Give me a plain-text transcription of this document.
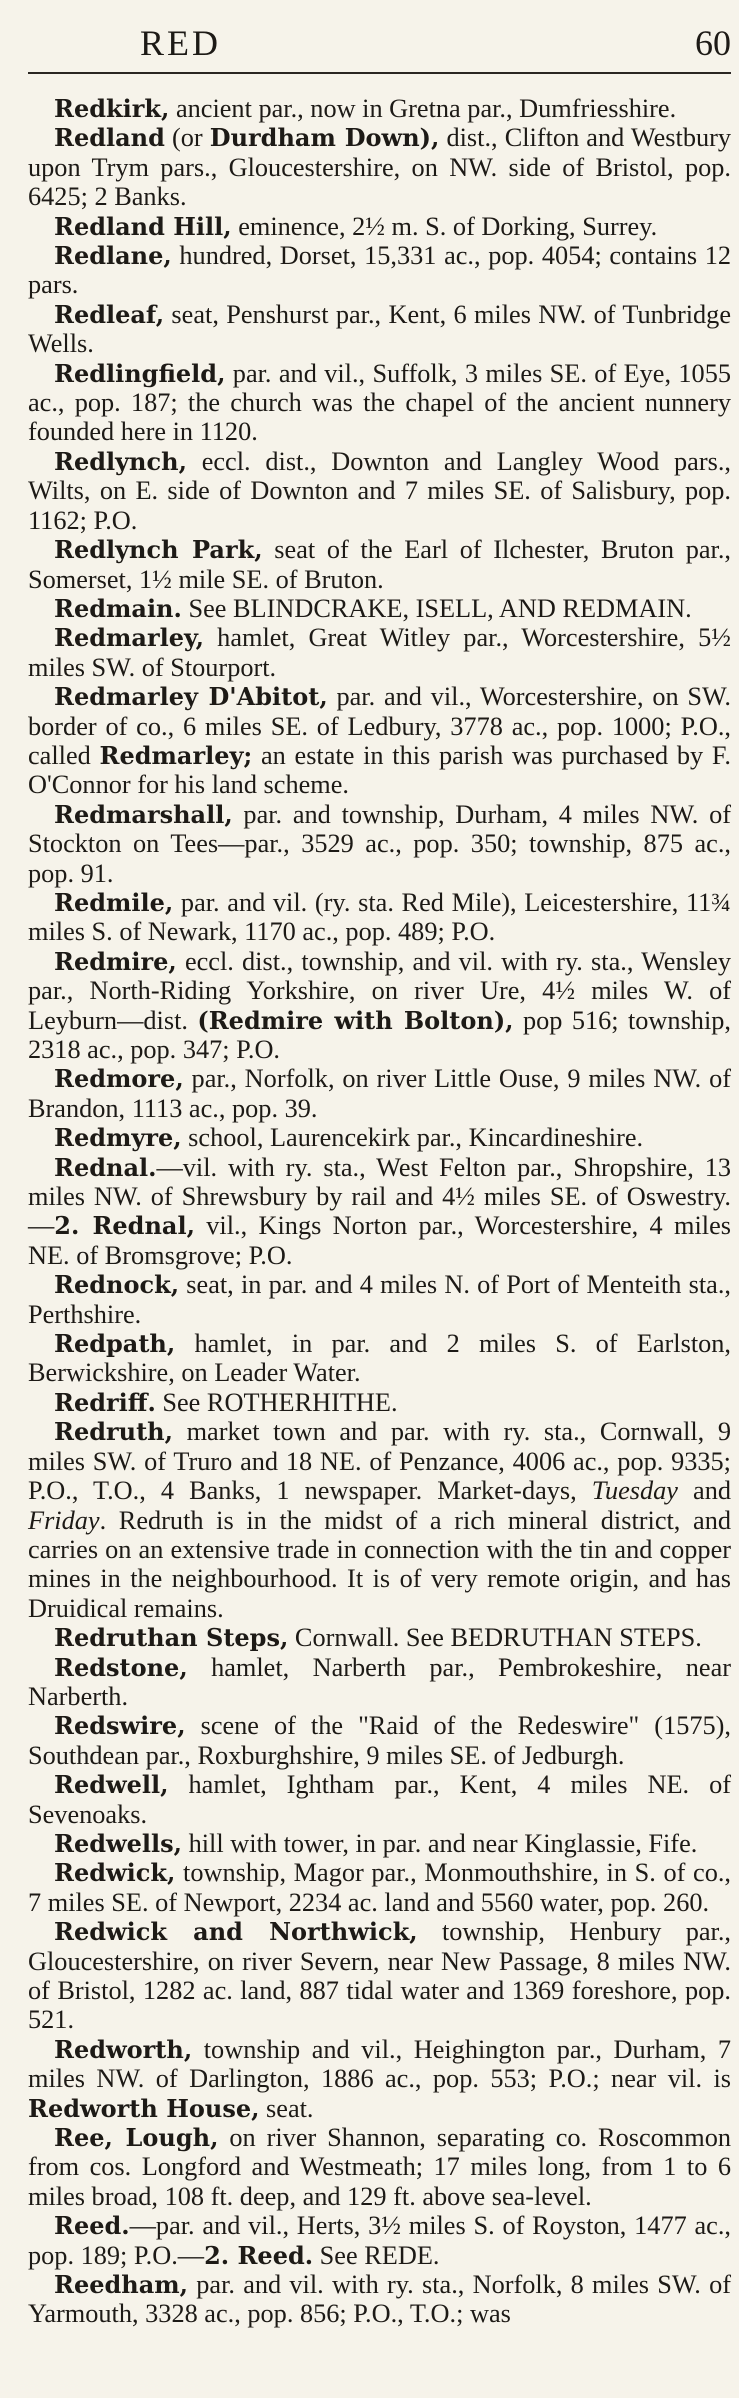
RED	60

Redkirk, ancient par., now in Gretna par., Dumfriesshire.

Redland (or Durdham Down), dist., Clifton and Westbury upon Trym pars., Gloucestershire, on NW. side of Bristol, pop. 6425; 2 Banks.

Redland Hill, eminence, 2½ m. S. of Dorking, Surrey.

Redlane, hundred, Dorset, 15,331 ac., pop. 4054; contains 12 pars.

Redleaf, seat, Penshurst par., Kent, 6 miles NW. of Tunbridge Wells.

Redlingfield, par. and vil., Suffolk, 3 miles SE. of Eye, 1055 ac., pop. 187; the church was the chapel of the ancient nunnery founded here in 1120.

Redlynch, eccl. dist., Downton and Langley Wood pars., Wilts, on E. side of Downton and 7 miles SE. of Salisbury, pop. 1162; P.O.

Redlynch Park, seat of the Earl of Ilchester, Bruton par., Somerset, 1½ mile SE. of Bruton.

Redmain. See BLINDCRAKE, ISELL, AND REDMAIN.

Redmarley, hamlet, Great Witley par., Worcestershire, 5½ miles SW. of Stourport.

Redmarley D'Abitot, par. and vil., Worcestershire, on SW. border of co., 6 miles SE. of Ledbury, 3778 ac., pop. 1000; P.O., called Redmarley; an estate in this parish was purchased by F. O'Connor for his land scheme.

Redmarshall, par. and township, Durham, 4 miles NW. of Stockton on Tees—par., 3529 ac., pop. 350; township, 875 ac., pop. 91.

Redmile, par. and vil. (ry. sta. Red Mile), Leicestershire, 11¾ miles S. of Newark, 1170 ac., pop. 489; P.O.

Redmire, eccl. dist., township, and vil. with ry. sta., Wensley par., North-Riding Yorkshire, on river Ure, 4½ miles W. of Leyburn—dist. (Redmire with Bolton), pop 516; township, 2318 ac., pop. 347; P.O.

Redmore, par., Norfolk, on river Little Ouse, 9 miles NW. of Brandon, 1113 ac., pop. 39.

Redmyre, school, Laurencekirk par., Kincardineshire.

Rednal.—vil. with ry. sta., West Felton par., Shropshire, 13 miles NW. of Shrewsbury by rail and 4½ miles SE. of Oswestry.—2. Rednal, vil., Kings Norton par., Worcestershire, 4 miles NE. of Bromsgrove; P.O.

Rednock, seat, in par. and 4 miles N. of Port of Menteith sta., Perthshire.

Redpath, hamlet, in par. and 2 miles S. of Earlston, Berwickshire, on Leader Water.

Redriff. See ROTHERHITHE.

Redruth, market town and par. with ry. sta., Cornwall, 9 miles SW. of Truro and 18 NE. of Penzance, 4006 ac., pop. 9335; P.O., T.O., 4 Banks, 1 newspaper. Market-days, Tuesday and Friday. Redruth is in the midst of a rich mineral district, and carries on an extensive trade in connection with the tin and copper mines in the neighbourhood. It is of very remote origin, and has Druidical remains.

Redruthan Steps, Cornwall. See BEDRUTHAN STEPS.

Redstone, hamlet, Narberth par., Pembrokeshire, near Narberth.

Redswire, scene of the "Raid of the Redeswire" (1575), Southdean par., Roxburghshire, 9 miles SE. of Jedburgh.

Redwell, hamlet, Ightham par., Kent, 4 miles NE. of Sevenoaks.

Redwells, hill with tower, in par. and near Kinglassie, Fife.

Redwick, township, Magor par., Monmouthshire, in S. of co., 7 miles SE. of Newport, 2234 ac. land and 5560 water, pop. 260.

Redwick and Northwick, township, Henbury par., Gloucestershire, on river Severn, near New Passage, 8 miles NW. of Bristol, 1282 ac. land, 887 tidal water and 1369 foreshore, pop. 521.

Redworth, township and vil., Heighington par., Durham, 7 miles NW. of Darlington, 1886 ac., pop. 553; P.O.; near vil. is Redworth House, seat.

Ree, Lough, on river Shannon, separating co. Roscommon from cos. Longford and Westmeath; 17 miles long, from 1 to 6 miles broad, 108 ft. deep, and 129 ft. above sea-level.

Reed.—par. and vil., Herts, 3½ miles S. of Royston, 1477 ac., pop. 189; P.O.—2. Reed. See REDE.

Reedham, par. and vil. with ry. sta., Norfolk, 8 miles SW. of Yarmouth, 3328 ac., pop. 856; P.O., T.O.; was
